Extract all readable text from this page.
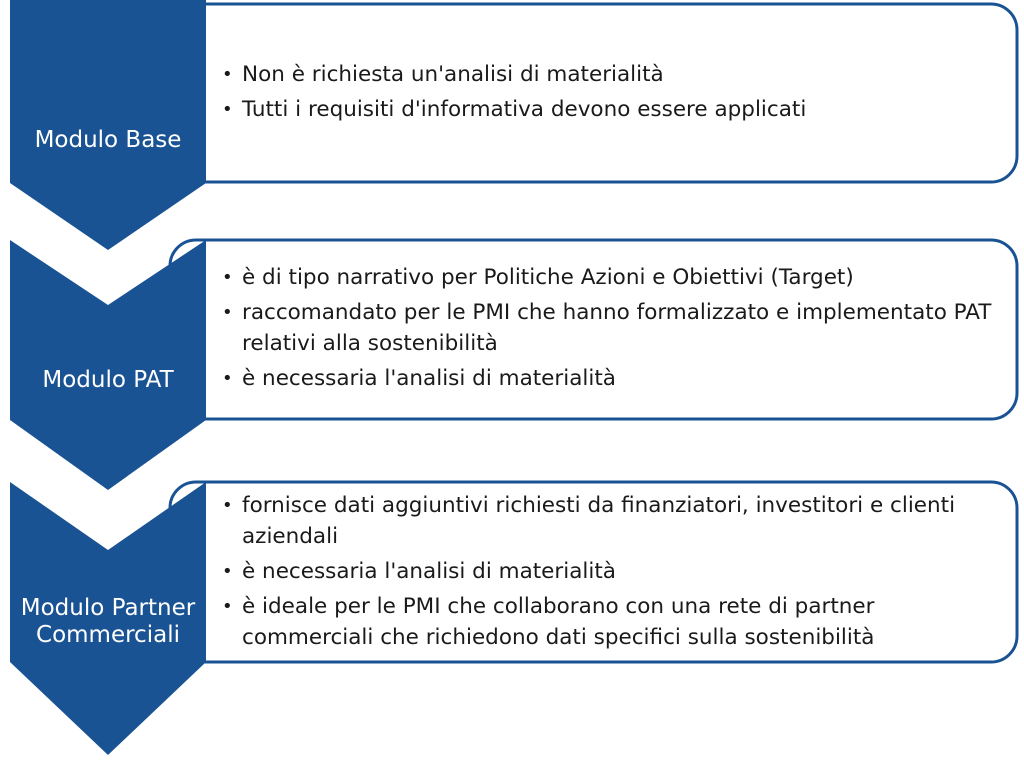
Modulo Base
Modulo PAT
Modulo Partner
Commerciali
• Non è richiesta un'analisi di materialità
• Tutti i requisiti d'informativa devono essere applicati
• è di tipo narrativo per Politiche Azioni e Obiettivi (Target)
• raccomandato per le PMI che hanno formalizzato e implementato PAT relativi alla sostenibilità
• è necessaria l'analisi di materialità
• fornisce dati aggiuntivi richiesti da finanziatori, investitori e clienti aziendali
• è necessaria l'analisi di materialità
• è ideale per le PMI che collaborano con una rete di partner commerciali che richiedono dati specifici sulla sostenibilità
